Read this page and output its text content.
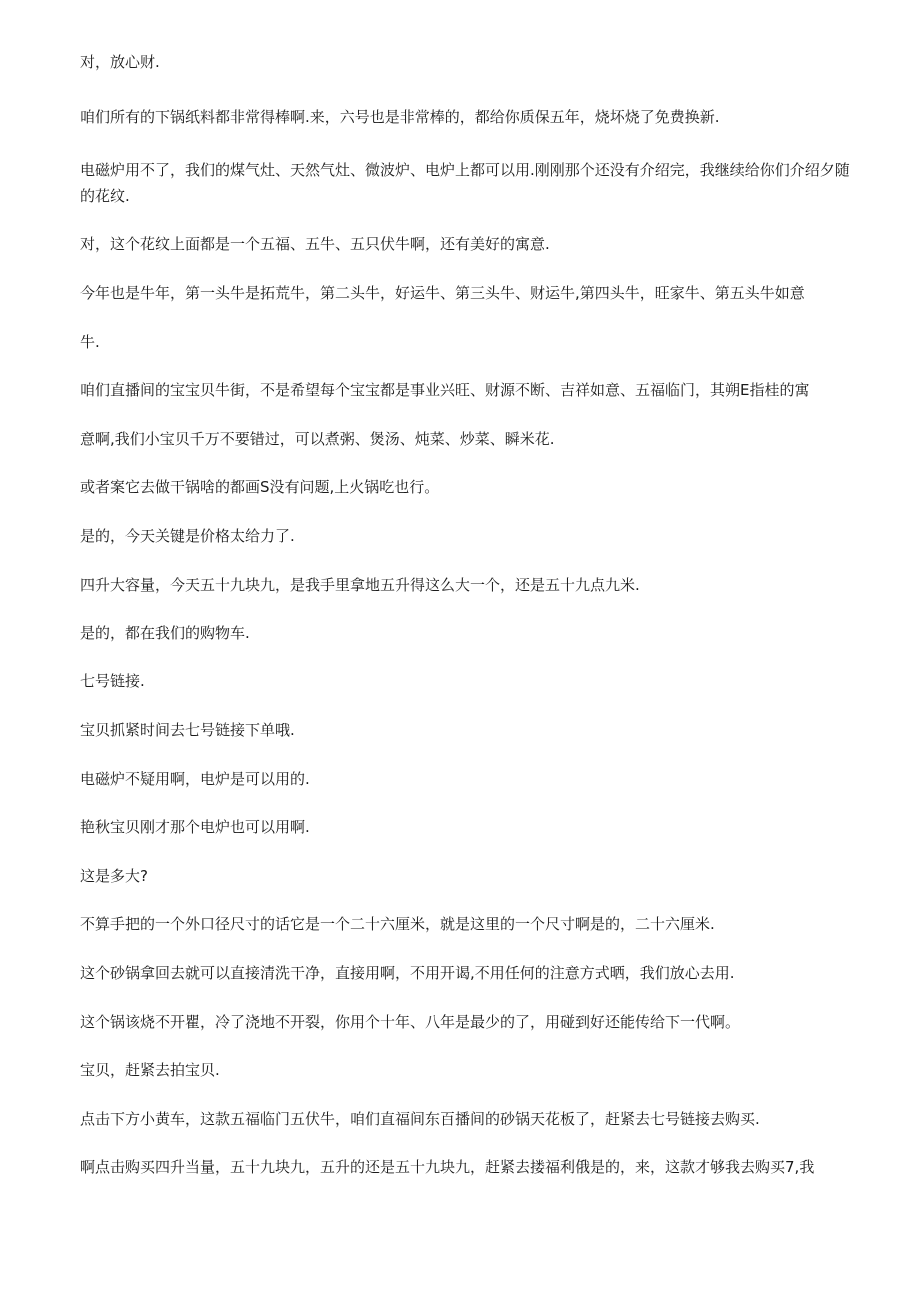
对，放心财.

咱们所有的下锅纸料都非常得棒啊.来，六号也是非常棒的，都给你质保五年，烧坏烧了免费换新.

电磁炉用不了，我们的煤气灶、天然气灶、微波炉、电炉上都可以用.刚刚那个还没有介绍完，我继续给你们介绍夕随的花纹.

对，这个花纹上面都是一个五福、五牛、五只伏牛啊，还有美好的寓意.

今年也是牛年，第一头牛是拓荒牛，第二头牛，好运牛、第三头牛、财运牛,第四头牛，旺家牛、第五头牛如意

牛.

咱们直播间的宝宝贝牛街，不是希望每个宝宝都是事业兴旺、财源不断、吉祥如意、五福临门，其朔E指桂的寓

意啊,我们小宝贝千万不要错过，可以煮粥、煲汤、炖菜、炒菜、瞬米花.

或者案它去做干锅啥的都画S没有问题,上火锅吃也行。

是的，今天关键是价格太给力了.

四升大容量，今天五十九块九，是我手里拿地五升得这么大一个，还是五十九点九米.

是的，都在我们的购物车.

七号链接.

宝贝抓紧时间去七号链接下单哦.

电磁炉不疑用啊，电炉是可以用的.

艳秋宝贝刚才那个电炉也可以用啊.

这是多大?

不算手把的一个外口径尺寸的话它是一个二十六厘米，就是这里的一个尺寸啊是的，二十六厘米.

这个砂锅拿回去就可以直接清洗干净，直接用啊，不用开谒,不用任何的注意方式晒，我们放心去用.

这个锅该烧不开瞿，冷了浇地不开裂，你用个十年、八年是最少的了，用碰到好还能传给下一代啊。

宝贝，赶紧去拍宝贝.

点击下方小黄车，这款五福临门五伏牛，咱们直福间东百播间的砂锅天花板了，赶紧去七号链接去购买.

啊点击购买四升当量，五十九块九，五升的还是五十九块九，赶紧去搂福利俄是的，来，这款才够我去购买7,我
